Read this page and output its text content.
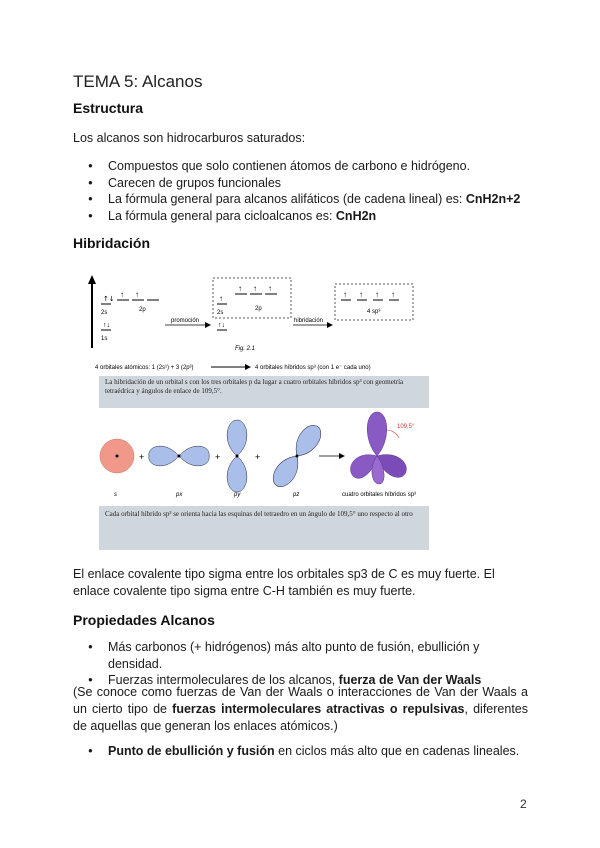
TEMA 5: Alcanos
Estructura
Los alcanos son hidrocarburos saturados:
● Compuestos que solo contienen átomos de carbono e hidrógeno.
● Carecen de grupos funcionales
● La fórmula general para alcanos alifáticos (de cadena lineal) es: CnH2n+2
● La fórmula general para cicloalcanos es: CnH2n
Hibridación
↑↓ ↑ ↑
↑↓
2s	2p
1s
promoción
↑
↑ ↑ ↑
↑↓
2s
2p
hibridación
↑ ↑ ↑ ↑
4 sp³
Fig. 2.1
4 orbitales atómicos: 1 (2s¹) + 3 (2p³)	4 orbitales híbridos sp³ (con 1 e⁻ cada uno)
La hibridación de un orbital s con los tres orbitales p da lugar a cuatro orbitales híbridos sp³ con geometría tetraédrica y ángulos de enlace de 109,5°.
+	+	+
109,5°
s	px	py	pz	cuatro orbitales híbridos sp³
Cada orbital híbrido sp³ se orienta hacia las esquinas del tetraedro en un ángulo de 109,5° uno respecto al otro
El enlace covalente tipo sigma entre los orbitales sp3 de C es muy fuerte. El enlace covalente tipo sigma entre C-H también es muy fuerte.
Propiedades Alcanos
● Más carbonos (+ hidrógenos) más alto punto de fusión, ebullición y densidad.
● Fuerzas intermoleculares de los alcanos, fuerza de Van der Waals
(Se conoce como fuerzas de Van der Waals o interacciones de Van der Waals a un cierto tipo de fuerzas intermoleculares atractivas o repulsivas, diferentes de aquellas que generan los enlaces atómicos.)
● Punto de ebullición y fusión en ciclos más alto que en cadenas lineales.
2
